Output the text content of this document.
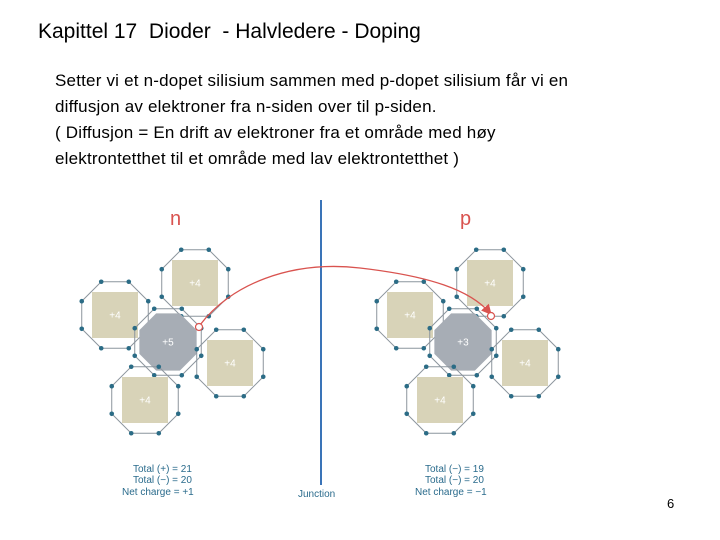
Kapittel 17  Dioder  - Halvledere - Doping
Setter vi et n-dopet silisium sammen med p-dopet silisium får vi en
diffusjon av elektroner fra n-siden over til p-siden.
( Diffusjon = En drift av elektroner fra et område med høy
elektrontetthet til et område med lav elektrontetthet )
n	p
+4
+4
+5
+4
+4
+4
+4
+3
+4
+4
Total (+) = 21
Total (−) = 20
Net charge = +1	Junction
Total (−) = 19
Total (−) = 20
Net charge = −1
6
